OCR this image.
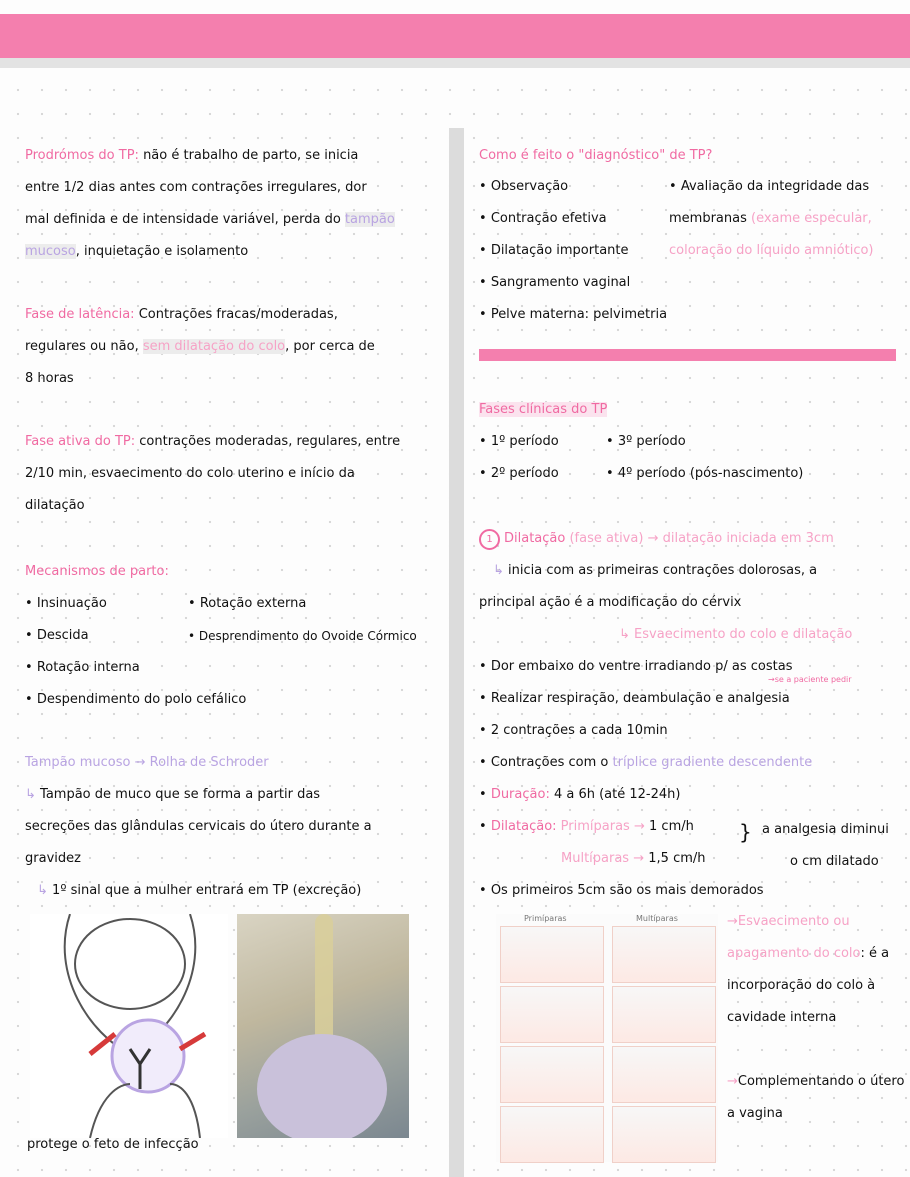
Prodrómos do TP: não é trabalho de parto, se inicia
entre 1/2 dias antes com contrações irregulares, dor
mal definida e de intensidade variável, perda do tampão
mucoso, inquietação e isolamento
Fase de latência: Contrações fracas/moderadas,
regulares ou não, sem dilatação do colo, por cerca de
8 horas
Fase ativa do TP: contrações moderadas, regulares, entre
2/10 min, esvaecimento do colo uterino e início da
dilatação
Mecanismos de parto:
• Insinuação
• Descida
• Rotação interna
• Despendimento do polo cefálico
• Rotação externa
• Desprendimento do Ovoide Córmico
Tampão mucoso → Rolha de Schroder
↳ Tampão de muco que se forma a partir das
secreções das glândulas cervicais do útero durante a
gravidez
↳ 1º sinal que a mulher entrará em TP (excreção)
protege o feto de infecção
Como é feito o "diagnóstico" de TP?
• Observação
• Contração efetiva
• Dilatação importante
• Sangramento vaginal
• Pelve materna: pelvimetria
• Avaliação da integridade das
membranas (exame especular,
coloração do líquido amniótico)
Fases clínicas do TP
• 1º período
• 2º período
• 3º período
• 4º período (pós-nascimento)
1 Dilatação (fase ativa) → dilatação iniciada em 3cm
↳ inicia com as primeiras contrações dolorosas, a
principal ação é a modificação do cérvix
↳ Esvaecimento do colo e dilatação
• Dor embaixo do ventre irradiando p/ as costas
• Realizar respiração, deambulação e analgesia
• 2 contrações a cada 10min
• Contrações com o tríplice gradiente descendente
• Duração: 4 a 6h (até 12-24h)
• Dilatação: Primíparas → 1 cm/h
Multíparas → 1,5 cm/h
• Os primeiros 5cm são os mais demorados
→se a paciente pedir
} a analgesia diminui
o cm dilatado
Primíparas	Multíparas	→Esvaecimento ou
apagamento do colo: é a
incorporação do colo à
cavidade interna
→Complementando o útero
a vagina
